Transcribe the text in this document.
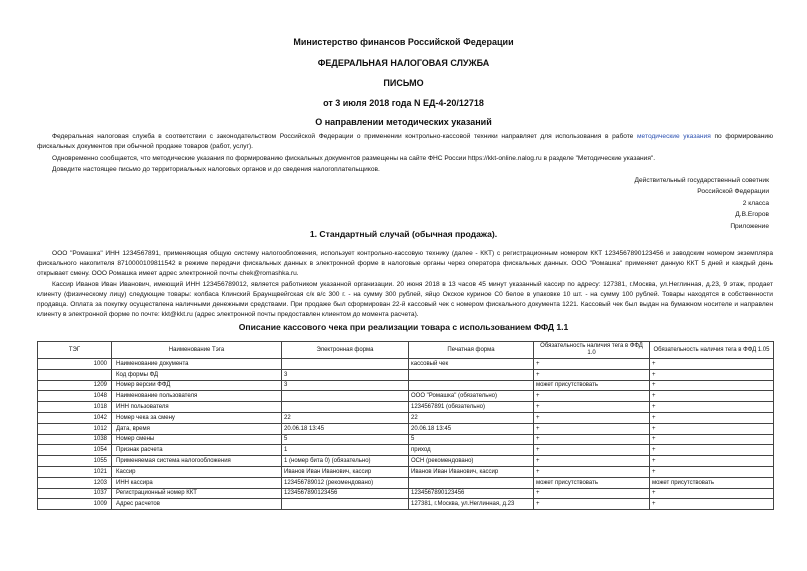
Министерство финансов Российской Федерации
ФЕДЕРАЛЬНАЯ НАЛОГОВАЯ СЛУЖБА
ПИСЬМО
от 3 июля 2018 года N ЕД-4-20/12718
О направлении методических указаний
Федеральная налоговая служба в соответствии с законодательством Российской Федерации о применении контрольно-кассовой техники направляет для использования в работе методические указания по формированию фискальных документов при обычной продаже товаров (работ, услуг).
Одновременно сообщается, что методические указания по формированию фискальных документов размещены на сайте ФНС России https://kkt-online.nalog.ru в разделе "Методические указания".
Доведите настоящее письмо до территориальных налоговых органов и до сведения налогоплательщиков.
Действительный государственный советник
Российской Федерации
2 класса
Д.В.Егоров
Приложение
1. Стандартный случай (обычная продажа).
ООО "Ромашка" ИНН 1234567891, применяющая общую систему налогообложения, использует контрольно-кассовую технику (далее - ККТ) с регистрационным номером ККТ 1234567890123456 и заводским номером экземпляра фискального накопителя 8710000109811542 в режиме передачи фискальных данных в электронной форме в налоговые органы через оператора фискальных данных. ООО "Ромашка" применяет данную ККТ 5 дней и каждый день открывает смену. ООО Ромашка имеет адрес электронной почты chek@romashka.ru.
Кассир Иванов Иван Иванович, имеющий ИНН 123456789012, является работником указанной организации. 20 июня 2018 в 13 часов 45 минут указанный кассир по адресу: 127381, г.Москва, ул.Неглинная, д.23, 9 этаж, продает клиенту (физическому лицу) следующие товары: колбаса Клинский Браунщвейгская с/к в/с 300 г. - на сумму 300 рублей, яйцо Окское куриное С0 белое в упаковке 10 шт. - на сумму 100 рублей. Товары находятся в собственности продавца. Оплата за покупку осуществлена наличными денежными средствами. При продаже был сформирован 22-й кассовый чек с номером фискального документа 1221. Кассовый чек был выдан на бумажном носителе и направлен клиенту в электронной форме по почте: kkt@kkt.ru (адрес электронной почты предоставлен клиентом до момента расчета).
Описание кассового чека при реализации товара с использованием ФФД 1.1
ТЭГ	Наименование Тэга	Электронная форма	Печатная форма	Обязательность наличия тега в ФФД 1.0	Обязательность наличия тега в ФФД 1.05
1000	Наименование документа		кассовый чек	+	+
	Код формы ФД	3		+	+
1209	Номер версии ФФД	3		может присутствовать	+
1048	Наименование пользователя		ООО "Ромашка" (обязательно)	+	+
1018	ИНН пользователя		1234567891 (обязательно)	+	+
1042	Номер чека за смену	22	22	+	+
1012	Дата, время	20.06.18 13:45	20.06.18 13:45	+	+
1038	Номер смены	5	5	+	+
1054	Признак расчета	1	приход	+	+
1055	Применяемая система налогообложения	1 (номер бита 0) (обязательно)	ОСН (рекомендовано)	+	+
1021	Кассир	Иванов Иван Иванович, кассир	Иванов Иван Иванович, кассир	+	+
1203	ИНН кассира	123456789012 (рекомендовано)		может присутствовать	может присутствовать
1037	Регистрационный номер ККТ	1234567890123456	1234567890123456	+	+
1009	Адрес расчетов		127381, г.Москва, ул.Неглинная, д.23	+	+
